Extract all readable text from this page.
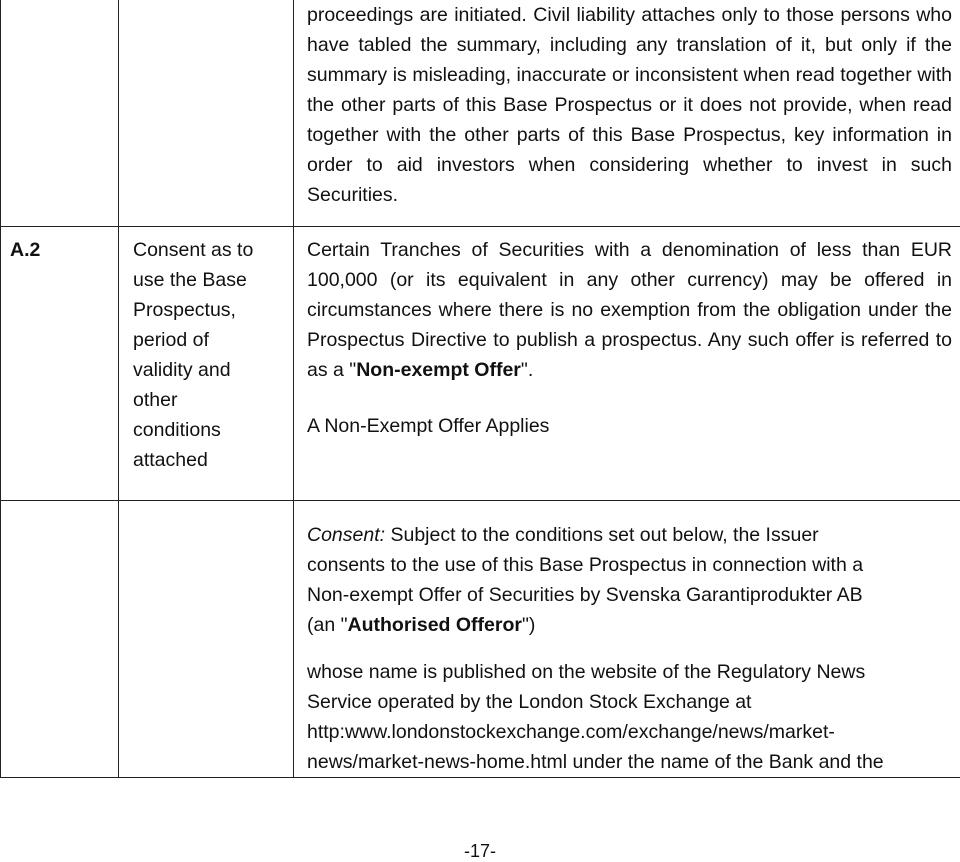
proceedings are initiated. Civil liability attaches only to those persons who have tabled the summary, including any translation of it, but only if the summary is misleading, inaccurate or inconsistent when read together with the other parts of this Base Prospectus or it does not provide, when read together with the other parts of this Base Prospectus, key information in order to aid investors when considering whether to invest in such Securities.

A.2	Consent as to
use the Base
Prospectus,
period of
validity and
other
conditions
attached

Certain Tranches of Securities with a denomination of less than EUR 100,000 (or its equivalent in any other currency) may be offered in circumstances where there is no exemption from the obligation under the Prospectus Directive to publish a prospectus. Any such offer is referred to as a "Non-exempt Offer".

A Non-Exempt Offer Applies

Consent: Subject to the conditions set out below, the Issuer
consents to the use of this Base Prospectus in connection with a
Non-exempt Offer of Securities by Svenska Garantiprodukter AB
(an "Authorised Offeror")
whose name is published on the website of the Regulatory News
Service operated by the London Stock Exchange at
http:www.londonstockexchange.com/exchange/news/market-
news/market-news-home.html under the name of the Bank and the
-17-
